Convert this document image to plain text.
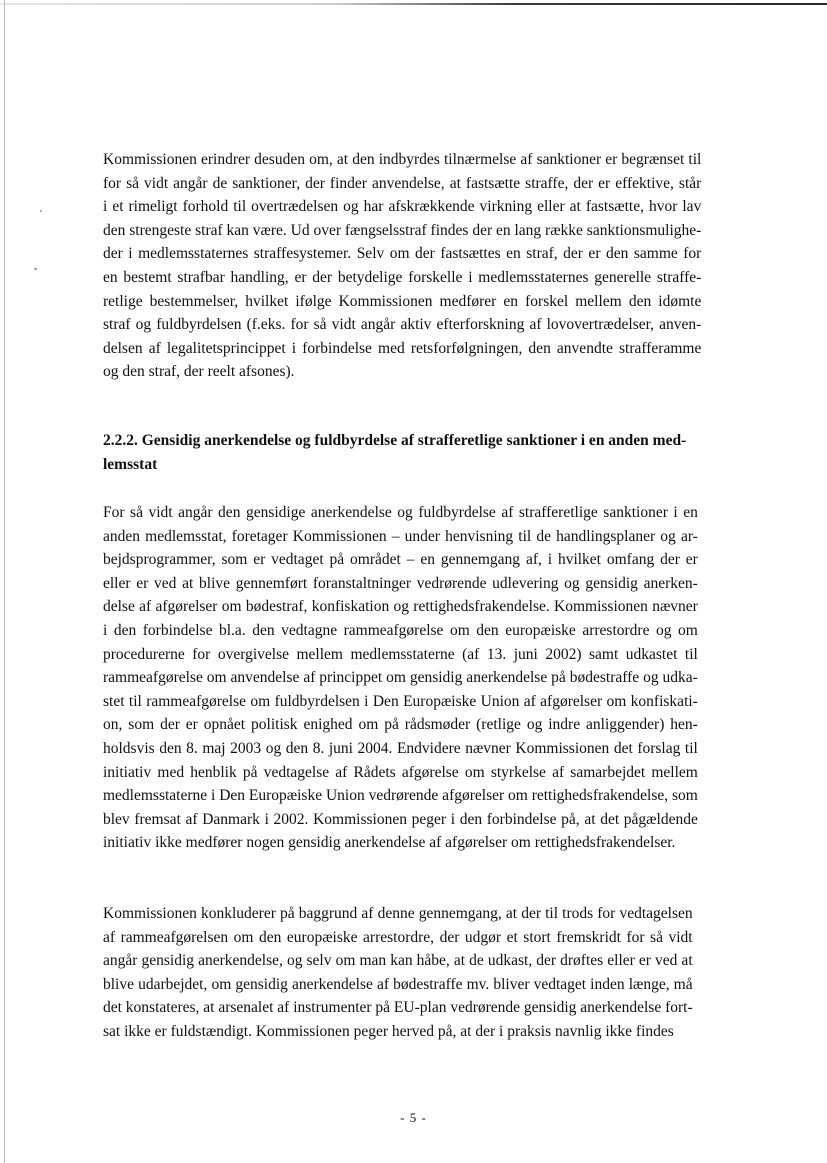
Kommissionen erindrer desuden om, at den indbyrdes tilnærmelse af sanktioner er begrænset til
for så vidt angår de sanktioner, der finder anvendelse, at fastsætte straffe, der er effektive, står
i et rimeligt forhold til overtrædelsen og har afskrækkende virkning eller at fastsætte, hvor lav
den strengeste straf kan være. Ud over fængselsstraf findes der en lang række sanktionsmulighe-
der i medlemsstaternes straffesystemer. Selv om der fastsættes en straf, der er den samme for
en bestemt strafbar handling, er der betydelige forskelle i medlemsstaternes generelle straffe-
retlige bestemmelser, hvilket ifølge Kommissionen medfører en forskel mellem den idømte
straf og fuldbyrdelsen (f.eks. for så vidt angår aktiv efterforskning af lovovertrædelser, anven-
delsen af legalitetsprincippet i forbindelse med retsforfølgningen, den anvendte strafferamme
og den straf, der reelt afsones).

2.2.2. Gensidig anerkendelse og fuldbyrdelse af strafferetlige sanktioner i en anden med-
lemsstat

For så vidt angår den gensidige anerkendelse og fuldbyrdelse af strafferetlige sanktioner i en
anden medlemsstat, foretager Kommissionen – under henvisning til de handlingsplaner og ar-
bejdsprogrammer, som er vedtaget på området – en gennemgang af, i hvilket omfang der er
eller er ved at blive gennemført foranstaltninger vedrørende udlevering og gensidig anerken-
delse af afgørelser om bødestraf, konfiskation og rettighedsfrakendelse. Kommissionen nævner
i den forbindelse bl.a. den vedtagne rammeafgørelse om den europæiske arrestordre og om
procedurerne for overgivelse mellem medlemsstaterne (af 13. juni 2002) samt udkastet til
rammeafgørelse om anvendelse af princippet om gensidig anerkendelse på bødestraffe og udka-
stet til rammeafgørelse om fuldbyrdelsen i Den Europæiske Union af afgørelser om konfiskati-
on, som der er opnået politisk enighed om på rådsmøder (retlige og indre anliggender) hen-
holdsvis den 8. maj 2003 og den 8. juni 2004. Endvidere nævner Kommissionen det forslag til
initiativ med henblik på vedtagelse af Rådets afgørelse om styrkelse af samarbejdet mellem
medlemsstaterne i Den Europæiske Union vedrørende afgørelser om rettighedsfrakendelse, som
blev fremsat af Danmark i 2002. Kommissionen peger i den forbindelse på, at det pågældende
initiativ ikke medfører nogen gensidig anerkendelse af afgørelser om rettighedsfrakendelser.

Kommissionen konkluderer på baggrund af denne gennemgang, at der til trods for vedtagelsen
af rammeafgørelsen om den europæiske arrestordre, der udgør et stort fremskridt for så vidt
angår gensidig anerkendelse, og selv om man kan håbe, at de udkast, der drøftes eller er ved at
blive udarbejdet, om gensidig anerkendelse af bødestraffe mv. bliver vedtaget inden længe, må
det konstateres, at arsenalet af instrumenter på EU-plan vedrørende gensidig anerkendelse fort-
sat ikke er fuldstændigt. Kommissionen peger herved på, at der i praksis navnlig ikke findes

- 5 -
